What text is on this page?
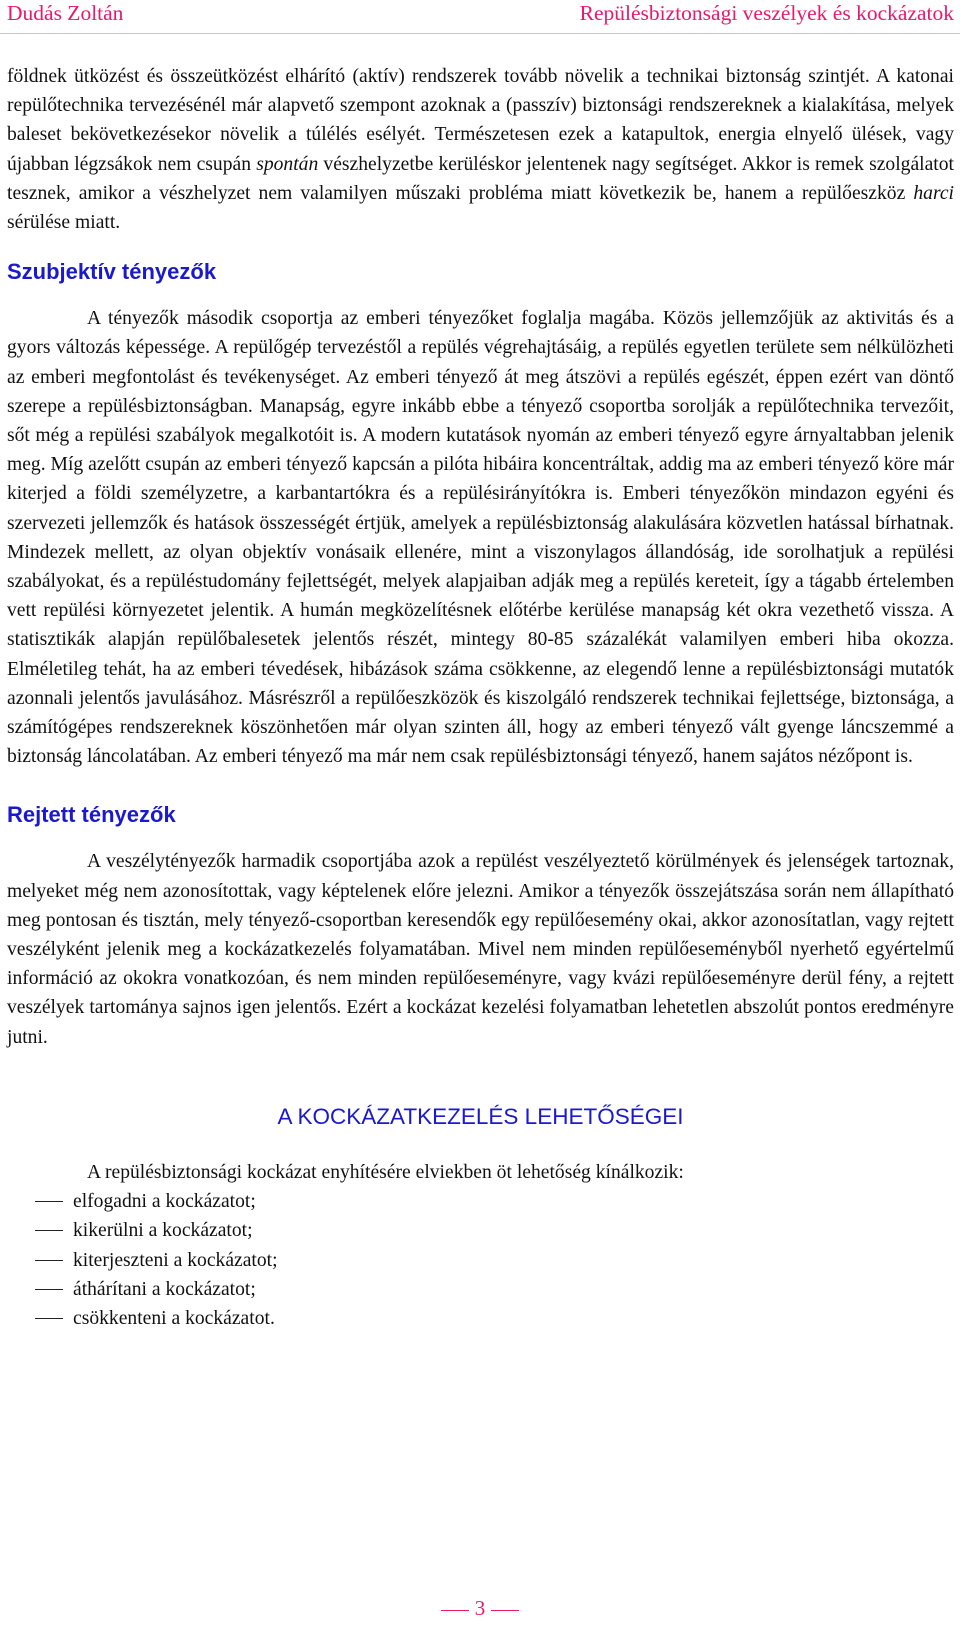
Dudás Zoltán	Repülésbiztonsági veszélyek és kockázatok

földnek ütközést és összeütközést elhárító (aktív) rendszerek tovább növelik a technikai biztonság szintjét. A katonai repülőtechnika tervezésénél már alapvető szempont azoknak a (passzív) biztonsági rendszereknek a kialakítása, melyek baleset bekövetkezésekor növelik a túlélés esélyét. Természetesen ezek a katapultok, energia elnyelő ülések, vagy újabban légzsákok nem csupán spontán vészhelyzetbe kerüléskor jelentenek nagy segítséget. Akkor is remek szolgálatot tesznek, amikor a vészhelyzet nem valamilyen műszaki probléma miatt következik be, hanem a repülőeszköz harci sérülése miatt.

Szubjektív tényezők

A tényezők második csoportja az emberi tényezőket foglalja magába. Közös jellemzőjük az aktivitás és a gyors változás képessége. A repülőgép tervezéstől a repülés végrehajtásáig, a repülés egyetlen területe sem nélkülözheti az emberi megfontolást és tevékenységet. Az emberi tényező át meg átszövi a repülés egészét, éppen ezért van döntő szerepe a repülésbiztonságban. Manapság, egyre inkább ebbe a tényező csoportba sorolják a repülőtechnika tervezőit, sőt még a repülési szabályok megalkotóit is. A modern kutatások nyomán az emberi tényező egyre árnyaltabban jelenik meg. Míg azelőtt csupán az emberi tényező kapcsán a pilóta hibáira koncentráltak, addig ma az emberi tényező köre már kiterjed a földi személyzetre, a karbantartókra és a repülésirányítókra is. Emberi tényezőkön mindazon egyéni és szervezeti jellemzők és hatások összességét értjük, amelyek a repülésbiztonság alakulására közvetlen hatással bírhatnak. Mindezek mellett, az olyan objektív vonásaik ellenére, mint a viszonylagos állandóság, ide sorolhatjuk a repülési szabályokat, és a repüléstudomány fejlettségét, melyek alapjaiban adják meg a repülés kereteit, így a tágabb értelemben vett repülési környezetet jelentik. A humán megközelítésnek előtérbe kerülése manapság két okra vezethető vissza. A statisztikák alapján repülőbalesetek jelentős részét, mintegy 80-85 százalékát valamilyen emberi hiba okozza. Elméletileg tehát, ha az emberi tévedések, hibázások száma csökkenne, az elegendő lenne a repülésbiztonsági mutatók azonnali jelentős javulásához. Másrészről a repülőeszközök és kiszolgáló rendszerek technikai fejlettsége, biztonsága, a számítógépes rendszereknek köszönhetően már olyan szinten áll, hogy az emberi tényező vált gyenge láncszemmé a biztonság láncolatában. Az emberi tényező ma már nem csak repülésbiztonsági tényező, hanem sajátos nézőpont is.

Rejtett tényezők

A veszélytényezők harmadik csoportjába azok a repülést veszélyeztető körülmények és jelenségek tartoznak, melyeket még nem azonosítottak, vagy képtelenek előre jelezni. Amikor a tényezők összejátszása során nem állapítható meg pontosan és tisztán, mely tényező-csoportban keresendők egy repülőesemény okai, akkor azonosítatlan, vagy rejtett veszélyként jelenik meg a kockázatkezelés folyamatában. Mivel nem minden repülőeseményből nyerhető egyértelmű információ az okokra vonatkozóan, és nem minden repülőeseményre, vagy kvázi repülőeseményre derül fény, a rejtett veszélyek tartománya sajnos igen jelentős. Ezért a kockázat kezelési folyamatban lehetetlen abszolút pontos eredményre jutni.

A KOCKÁZATKEZELÉS LEHETŐSÉGEI

A repülésbiztonsági kockázat enyhítésére elviekben öt lehetőség kínálkozik:

elfogadni a kockázatot;
kikerülni a kockázatot;
kiterjeszteni a kockázatot;
áthárítani a kockázatot;
csökkenteni a kockázatot.
3
